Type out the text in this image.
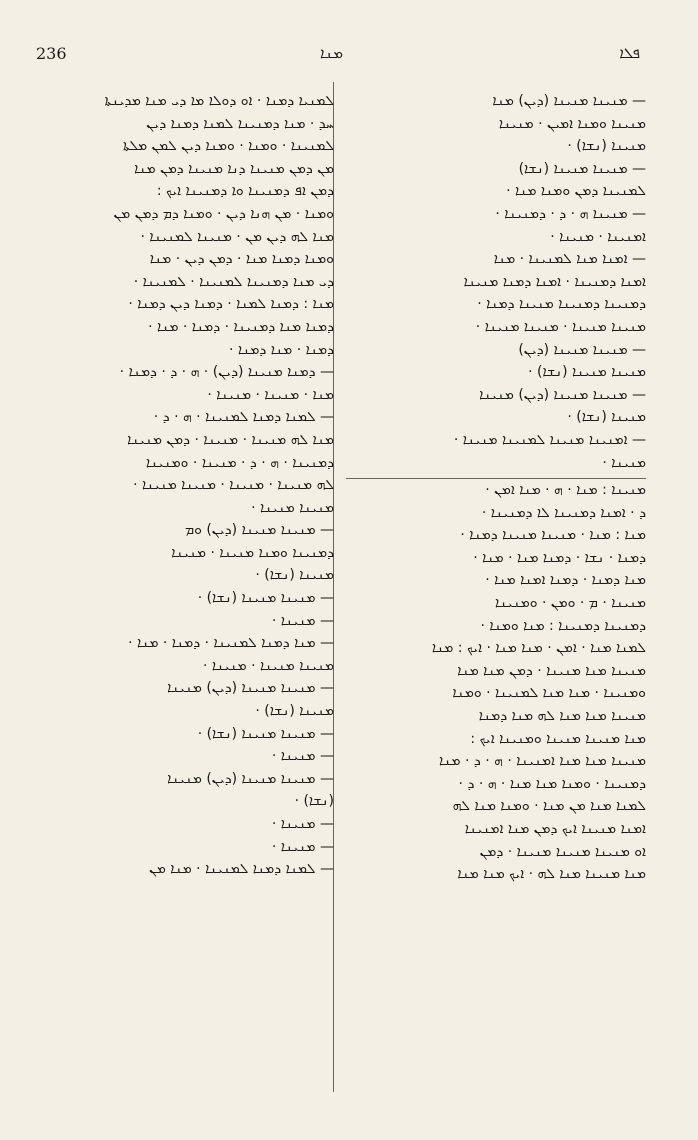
236	ܡܢܐ	ܦܠܐ
ܠܡܢܝܐ ܕܡܢܐ · ܐܘ ܕܘܠܐ ܡܐ ܕܝ ܡܢܐ ܡܕܝܢܬܐ
ܚܕ · ܡܢܐ ܕܡܢܝܢܐ ܠܡܢܐ ܕܡܢܐ ܕܝܢ
ܠܡܢܝܢܐ · ܘܡܢܐ · ܘܡܢܐ ܕܝܢ ܠܡܢ ܡܠܬܐ
ܡܢ ܕܡܢ ܡܢܝܢܐ ܕܢܐ ܡܢܝܢܐ ܕܡܢ ܡܢܐ
ܕܡܢ ܐܦ ܕܡܢܝܢܐ ܘܐ ܕܡܢܝܢܐ ܐܝܟ :
ܘܡܢܐ · ܡܢ ܗܢܐ ܕܝܢ · ܘܡܢܐ ܕܡ ܕܡܢ ܡܢ
ܡܢܐ ܠܗ ܕܝܢ ܡܢ · ܡܢܝܢܐ ܠܡܢܝܢܐ ·
ܘܡܢܐ ܕܡܢܐ ܡܢܐ · ܕܡܢ ܕܝܢ · ܡܢܐ
ܕܝ ܡܢܐ ܕܡܢܝܢܐ ܠܡܢܝܢܐ · ܠܡܢܝܢܐ ·
ܡܢܐ : ܕܡܢܐ ܠܡܢܐ · ܕܡܢܐ ܕܝܢ ܕܡܢܐ ·
ܕܡܢܐ ܡܢܐ ܕܡܢܝܢܐ · ܕܡܢܐ · ܡܢܐ ·
ܕܡܢܐ · ܡܢܐ ܕܡܢܐ ·
— ܕܡܢܐ ܡܢܝܢܐ (ܕܝܢ) · ܗ · ܕ · ܕܡܢܐ ·
ܡܢܐ · ܡܢܝܢܐ · ܡܢܝܢܐ ·
— ܠܡܢܐ ܕܡܢܐ ܠܡܢܝܢܐ · ܗ · ܕ ·
ܡܢܐ ܠܗ ܡܢܝܢܐ · ܡܢܝܢܐ · ܕܡܢ ܡܢܝܢܐ
ܕܡܢܝܢܐ · ܗ · ܕ · ܡܢܝܢܐ · ܘܡܢܝܢܐ
ܠܗ ܡܢܝܢܐ · ܡܢܝܢܐ · ܡܢܝܢܐ ܡܢܝܢܐ ·
ܡܢܝܢܐ ܡܢܝܢܐ ·
— ܡܢܝܢܐ ܡܢܝܢܐ (ܕܝܢ) ܘܡ
ܕܡܢܝܢܐ ܘܡܢܐ ܡܢܝܢܐ · ܡܢܝܢܐ
ܡܢܝܢܐ (ܢܫܐ) ·
— ܡܢܝܢܐ ܡܢܝܢܐ (ܢܫܐ) ·
— ܡܢܝܢܐ ·
— ܡܢܐ ܕܡܢܐ ܠܡܢܝܢܐ · ܕܡܢܐ · ܡܢܐ ·
ܡܢܝܢܐ ܡܢܝܢܐ · ܡܢܝܢܐ ·
— ܡܢܝܢܐ ܡܢܝܢܐ (ܕܝܢ) ܡܢܝܢܐ
ܡܢܝܢܐ (ܢܫܐ) ·
— ܡܢܝܢܐ ܡܢܝܢܐ (ܢܫܐ) ·
— ܡܢܝܢܐ ·
— ܡܢܝܢܐ ܡܢܝܢܐ (ܕܝܢ) ܡܢܝܢܐ
(ܢܫܐ) ·
— ܡܢܝܢܐ ·
— ܡܢܝܢܐ ·
— ܠܡܢܐ ܕܡܢܐ ܠܡܢܝܢܐ · ܡܢܐ ܡܢ
— ܡܢܝܢܐ ܡܢܝܢܐ (ܕܝܢ) ܡܢܐ
ܡܢܝܢܐ ܘܡܢܐ ܐܡܝܢ · ܡܢܝܢܐ
ܡܢܝܢܐ (ܢܫܐ) ·
— ܡܢܝܢܐ ܡܢܝܢܐ (ܢܫܐ)
ܠܡܢܝܢܐ ܕܡܢ ܘܡܢܐ ܡܢܐ ·
— ܡܢܝܢܐ ܗ · ܕ · ܕܡܢܝܢܐ ·
ܐܡܢܝܢܐ · ܡܢܝܢܐ ·
— ܐܡܢܐ ܡܢܐ ܠܡܢܝܢܐ · ܡܢܐ
ܐܡܢܐ ܕܡܢܝܢܐ · ܐܡܢܐ ܕܡܢܐ ܡܢܝܢܐ
ܕܡܢܝܢܐ ܕܡܢܝܢܐ ܡܢܝܢܐ ܕܡܢܐ ·
ܡܢܝܢܐ ܡܢܝܢܐ · ܡܢܝܢܐ ܡܢܝܢܐ ·
— ܡܢܝܢܐ ܡܢܝܢܐ (ܕܝܢ)
ܡܢܝܢܐ ܡܢܝܢܐ (ܢܫܐ) ·
— ܡܢܝܢܐ ܡܢܝܢܐ (ܕܝܢ) ܡܢܝܢܐ
ܡܢܝܢܐ (ܢܫܐ) ·
— ܐܡܢܝܢܐ ܡܢܝܢܐ ܠܡܢܝܢܐ ܡܢܝܢܐ ·
ܡܢܝܢܐ ·
ܡܢܝܢܐ : ܡܢܐ · ܗ · ܡܢܐ ܐܡܢ ·
ܕ · ܐܡܢܐ ܕܡܢܝܢܐ ܠܐ ܕܡܢܝܢܐ ·
ܡܢܐ : ܡܢܐ · ܡܢܝܢܐ ܡܢܝܢܐ ܕܡܢܐ ·
ܕܡܢܐ · ܢܫܐ · ܕܡܢܐ ܡܢܐ · ܡܢܐ ·
ܡܢܐ ܕܡܢܐ · ܕܡܢܐ ܐܡܢܐ ܡܢܐ ·
ܡܢܝܢܐ · ܡ · ܘܡܢ · ܘܡܢܝܢܐ
ܕܡܢܝܢܐ ܕܡܢܝܢܐ : ܡܢܐ ܘܡܢܐ ·
ܠܡܢܐ ܡܢܐ · ܐܡܢ · ܡܢܐ ܡܢܐ · ܐܝܟ : ܡܢܐ
ܡܢܝܢܐ ܡܢܐ ܡܢܝܢܐ · ܕܡܢ ܡܢܐ ܡܢܐ
ܘܡܢܝܢܐ · ܡܢܐ ܡܢܐ ܠܡܢܝܢܐ · ܘܡܢܐ
ܡܢܝܢܐ ܡܢܐ ܡܢܐ ܠܗ ܡܢܐ ܕܡܢܐ
ܡܢܐ ܡܢܝܢܐ ܡܢܝܢܐ ܘܡܢܝܢܐ ܐܝܟ :
ܡܢܝܢܐ ܡܢܐ ܡܢܐ ܐܡܢܝܢܐ · ܗ · ܕ · ܡܢܐ
ܕܡܢܝܢܐ · ܘܡܢܐ ܡܢܐ ܡܢܐ · ܗ · ܕ ·
ܠܡܢܐ ܡܢܐ ܡܢ ܡܢܐ · ܘܡܢܐ ܡܢܐ ܠܗ
ܐܡܢܐ ܡܢܝܢܐ ܐܝܟ ܕܡܢ ܡܢܐ ܐܡܢܝܢܐ
ܐܘ ܡܢܝܢܐ ܡܢܝܢܐ ܡܢܝܢܐ · ܕܡܢ
ܡܢܐ ܡܢܝܢܐ ܡܢܐ ܠܗ · ܐܝܟ ܡܢܐ ܡܢܐ
